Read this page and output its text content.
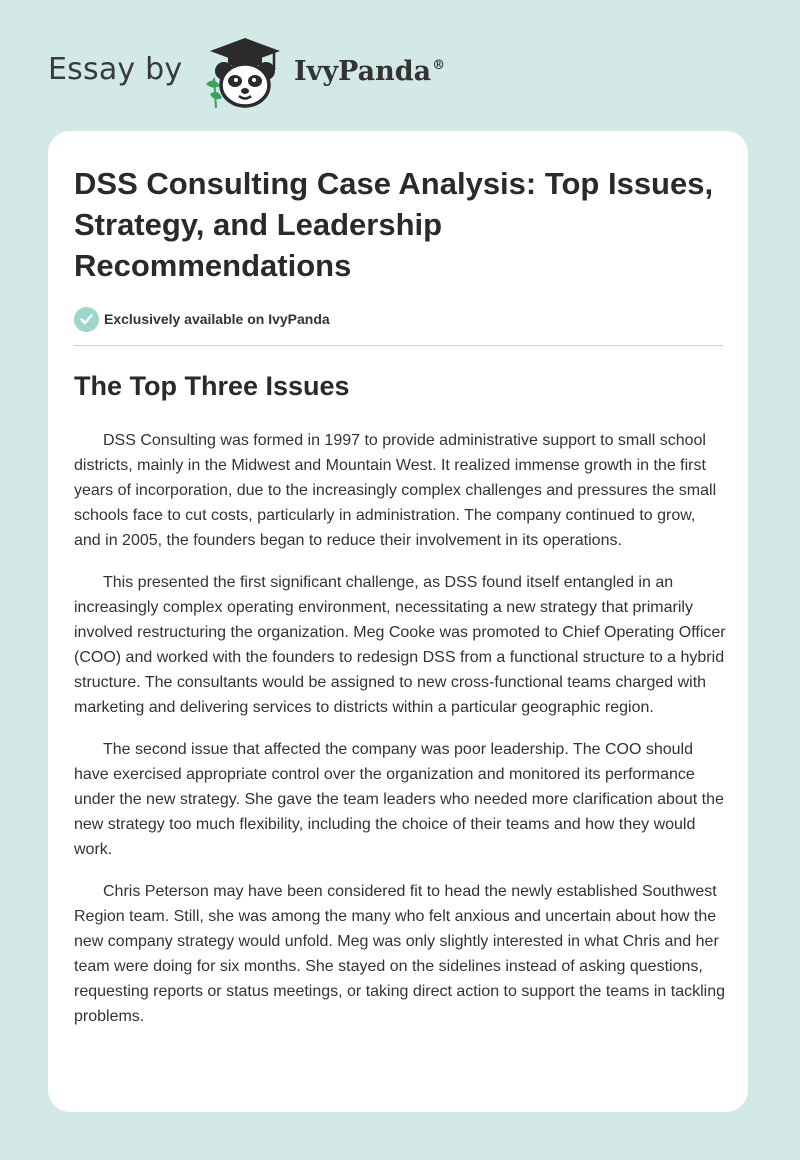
Essay by	IvyPanda®
DSS Consulting Case Analysis: Top Issues, Strategy, and Leadership Recommendations
Exclusively available on IvyPanda
The Top Three Issues

DSS Consulting was formed in 1997 to provide administrative support to small school districts, mainly in the Midwest and Mountain West. It realized immense growth in the first years of incorporation, due to the increasingly complex challenges and pressures the small schools face to cut costs, particularly in administration. The company continued to grow, and in 2005, the founders began to reduce their involvement in its operations.

This presented the first significant challenge, as DSS found itself entangled in an increasingly complex operating environment, necessitating a new strategy that primarily involved restructuring the organization. Meg Cooke was promoted to Chief Operating Officer (COO) and worked with the founders to redesign DSS from a functional structure to a hybrid structure. The consultants would be assigned to new cross-functional teams charged with marketing and delivering services to districts within a particular geographic region.

The second issue that affected the company was poor leadership. The COO should have exercised appropriate control over the organization and monitored its performance under the new strategy. She gave the team leaders who needed more clarification about the new strategy too much flexibility, including the choice of their teams and how they would work.

Chris Peterson may have been considered fit to head the newly established Southwest Region team. Still, she was among the many who felt anxious and uncertain about how the new company strategy would unfold. Meg was only slightly interested in what Chris and her team were doing for six months. She stayed on the sidelines instead of asking questions, requesting reports or status meetings, or taking direct action to support the teams in tackling problems.
